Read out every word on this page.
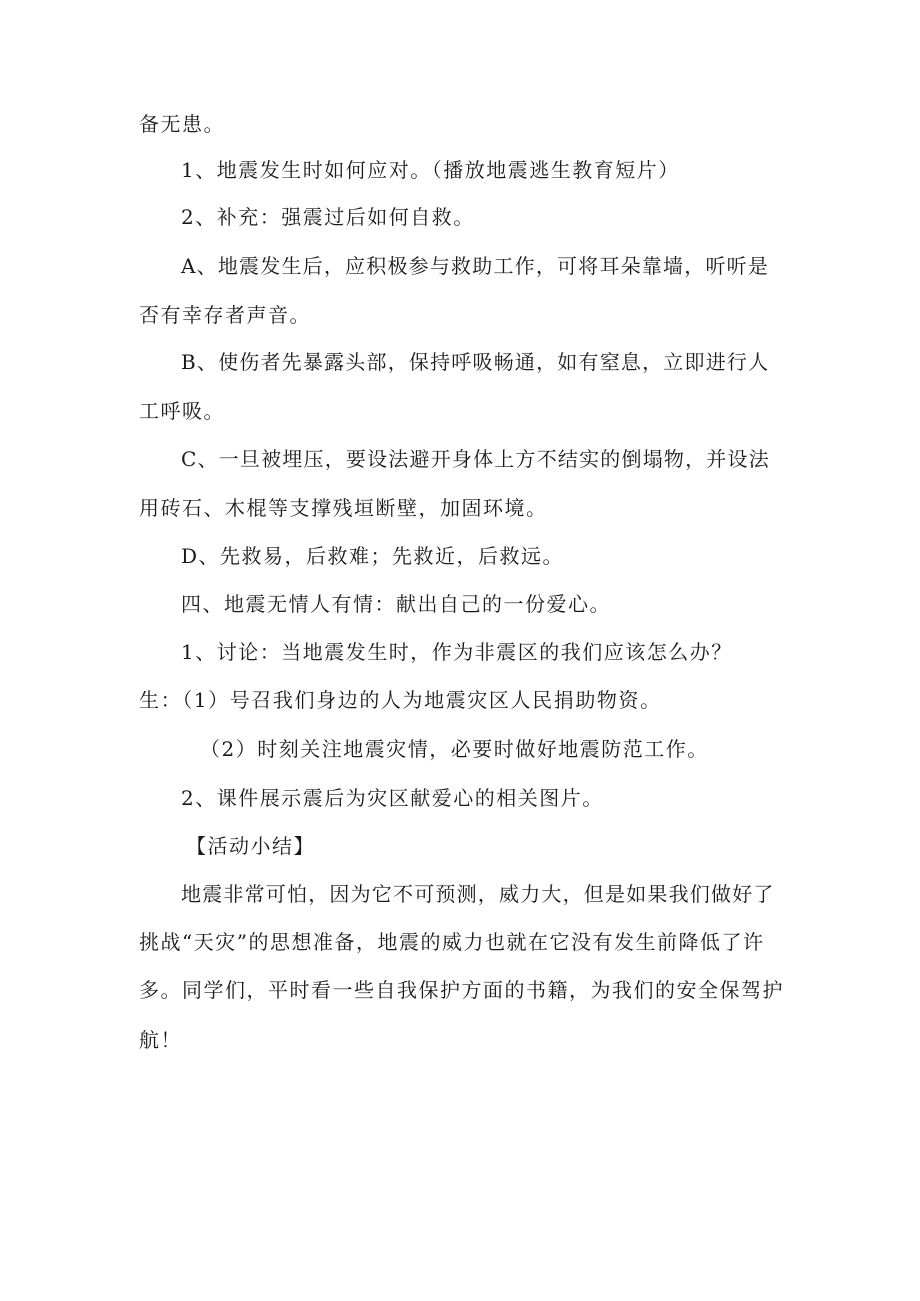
备无患。
1、地震发生时如何应对。（播放地震逃生教育短片）
2、补充：强震过后如何自救。
A、地震发生后，应积极参与救助工作，可将耳朵靠墙，听听是
否有幸存者声音。
B、使伤者先暴露头部，保持呼吸畅通，如有窒息，立即进行人
工呼吸。
C、一旦被埋压，要设法避开身体上方不结实的倒塌物，并设法
用砖石、木棍等支撑残垣断壁，加固环境。
D、先救易，后救难；先救近，后救远。
四、地震无情人有情：献出自己的一份爱心。
1、讨论：当地震发生时，作为非震区的我们应该怎么办？
生：（1）号召我们身边的人为地震灾区人民捐助物资。
（2）时刻关注地震灾情，必要时做好地震防范工作。
2、课件展示震后为灾区献爱心的相关图片。
【活动小结】
地震非常可怕，因为它不可预测，威力大，但是如果我们做好了
挑战“天灾”的思想准备，地震的威力也就在它没有发生前降低了许
多。同学们，平时看一些自我保护方面的书籍，为我们的安全保驾护
航！
